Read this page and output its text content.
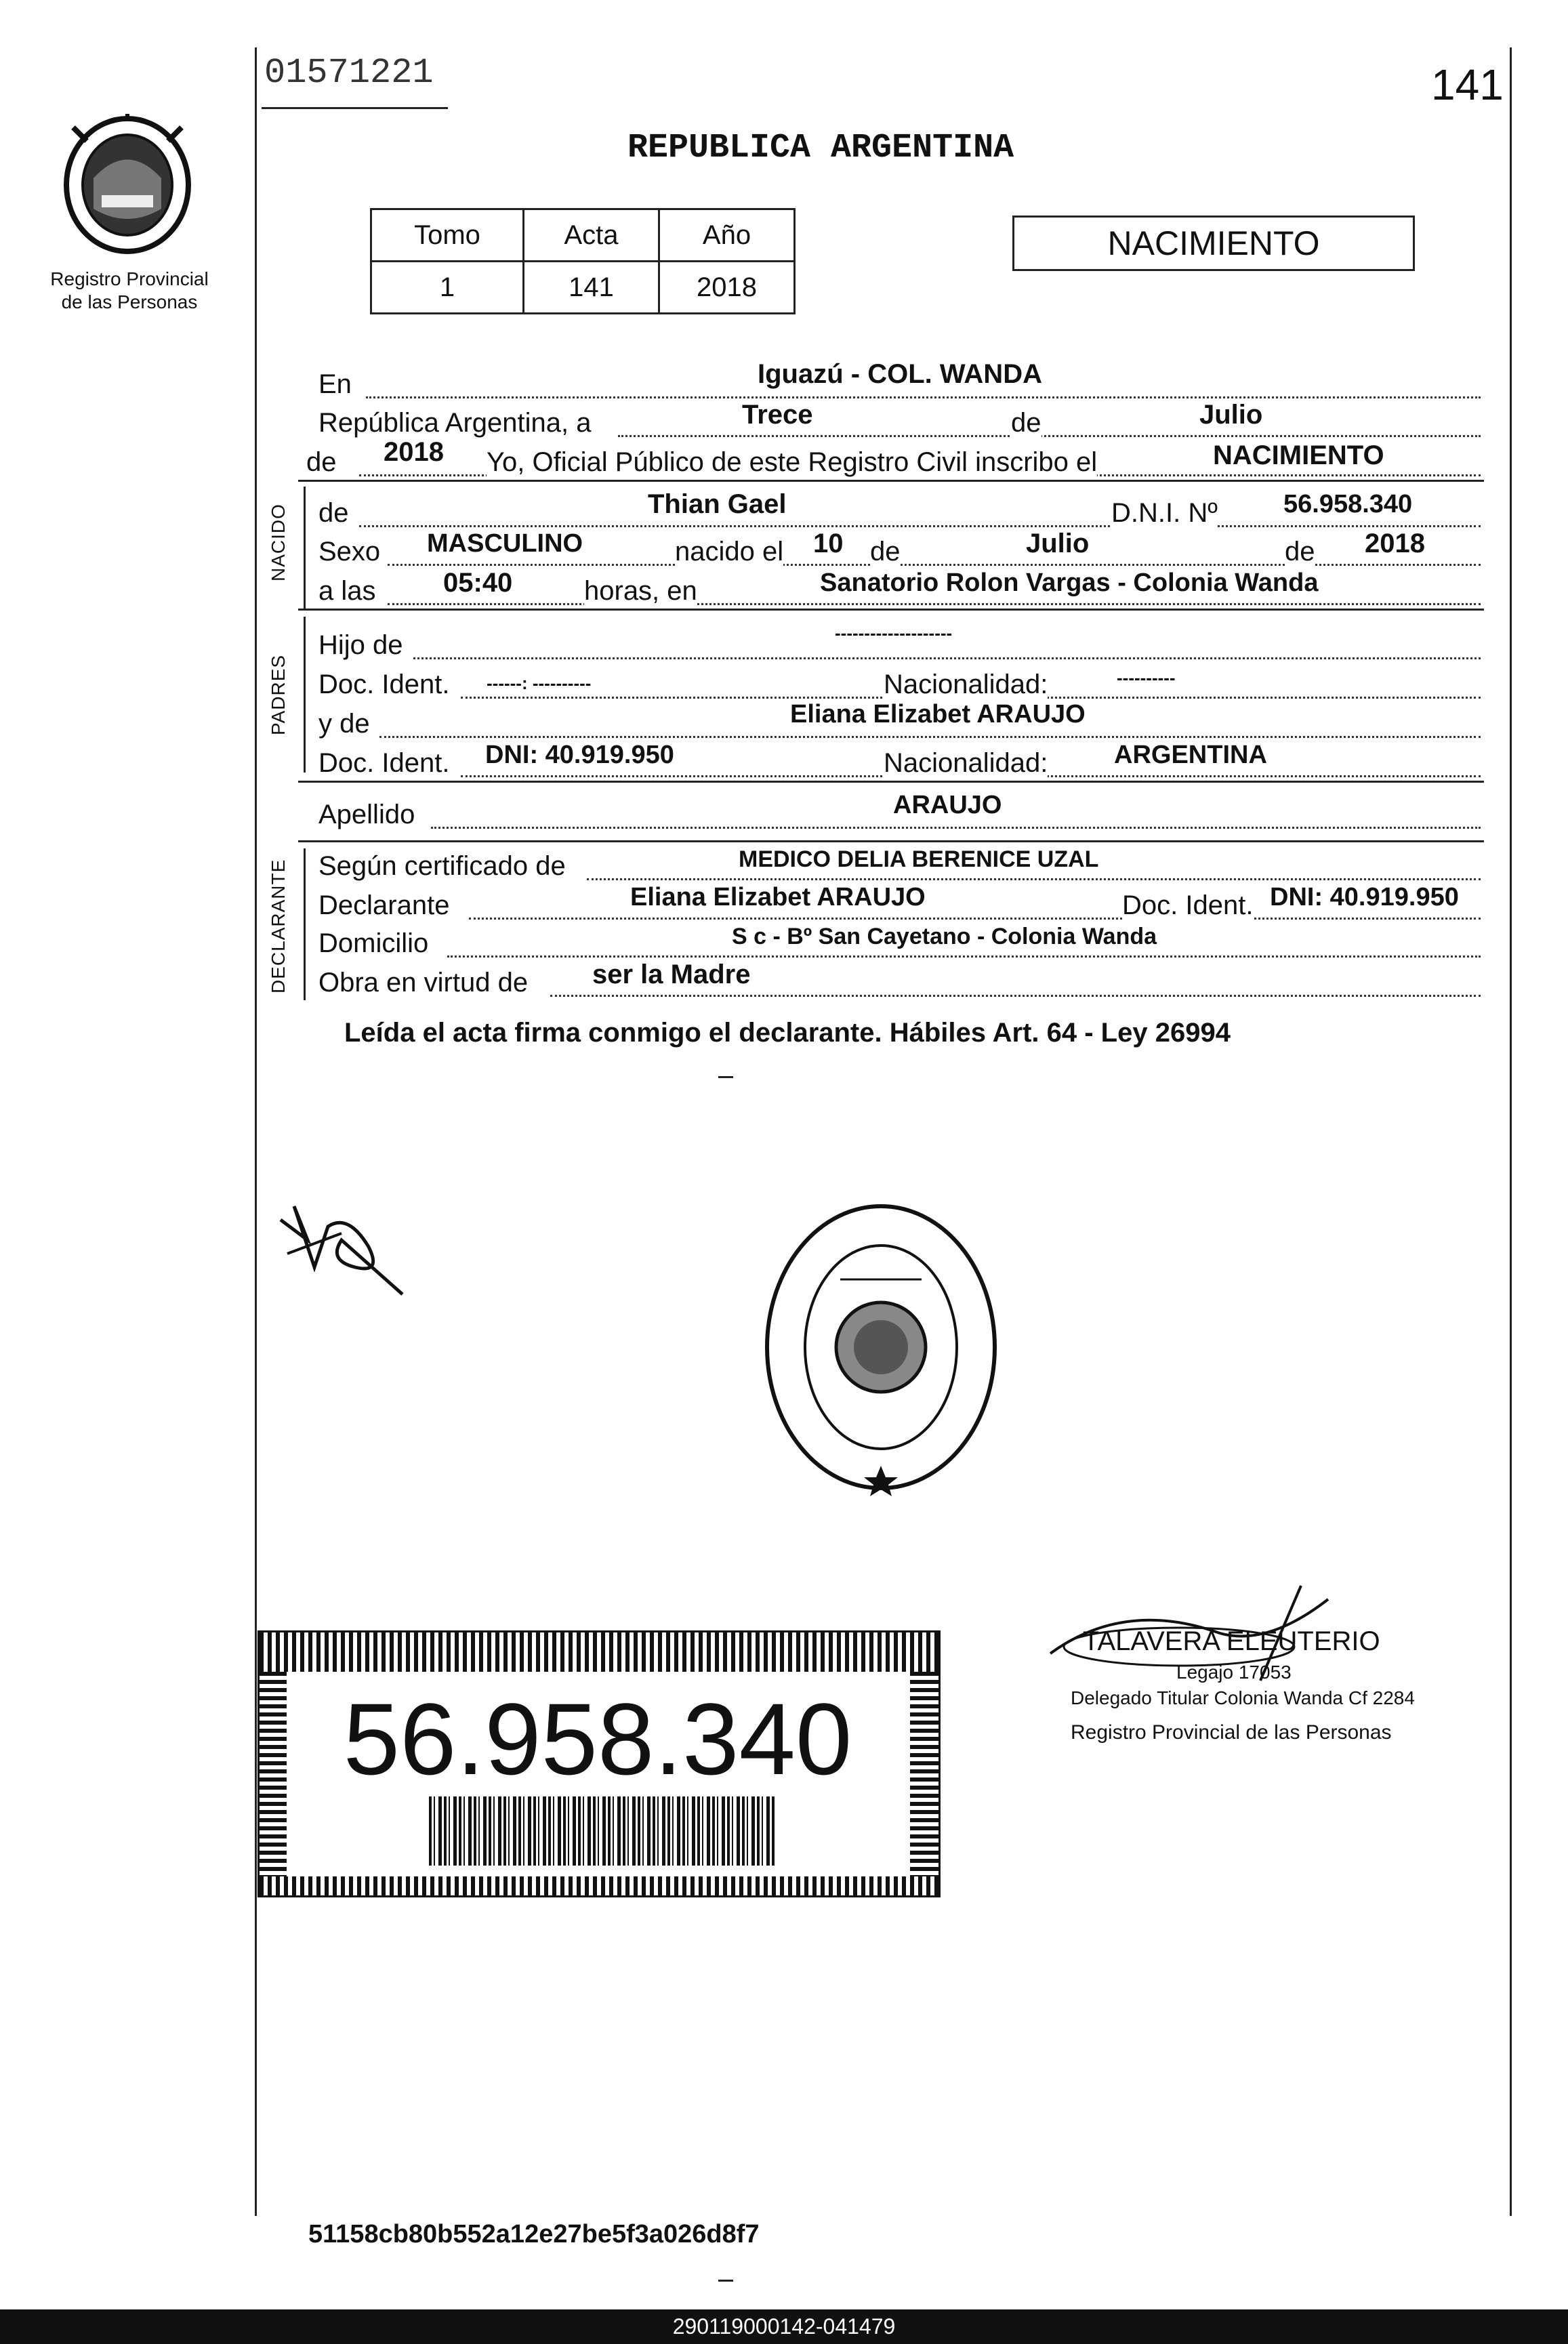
01571221	141
Registro Provincial
de las Personas
REPUBLICA ARGENTINA
Tomo	Acta	Año
1	141	2018
NACIMIENTO
En	Iguazú - COL. WANDA
República Argentina, a	Trece	de	Julio
de 2018 Yo, Oficial Público de este Registro Civil inscribo el	NACIMIENTO
NACIDO de	Thian Gael	D.N.I. Nº	56.958.340
Sexo MASCULINO	nacido el 10 de	Julio	de 2018
a las 05:40	horas, en	Sanatorio Rolon Vargas - Colonia Wanda
PADRES
Hijo de	--------------------
Doc. Ident. ------: ----------	Nacionalidad:	----------
y de	Eliana Elizabet ARAUJO
Doc. Ident. DNI: 40.919.950	Nacionalidad:	ARGENTINA
Apellido	ARAUJO
DECLARANTE Según certificado de	MEDICO DELIA BERENICE UZAL
Declarante	Eliana Elizabet ARAUJO	Doc. Ident. DNI: 40.919.950
Domicilio	S c - Bº San Cayetano - Colonia Wanda
Obra en virtud de ser la Madre
Leída el acta firma conmigo el declarante. Hábiles Art. 64 - Ley 26994
56.958.340
TALAVERA ELEUTERIO
Legajo 17053
Delegado Titular Colonia Wanda Cf 2284
Registro Provincial de las Personas
51158cb80b552a12e27be5f3a026d8f7
290119000142-041479
